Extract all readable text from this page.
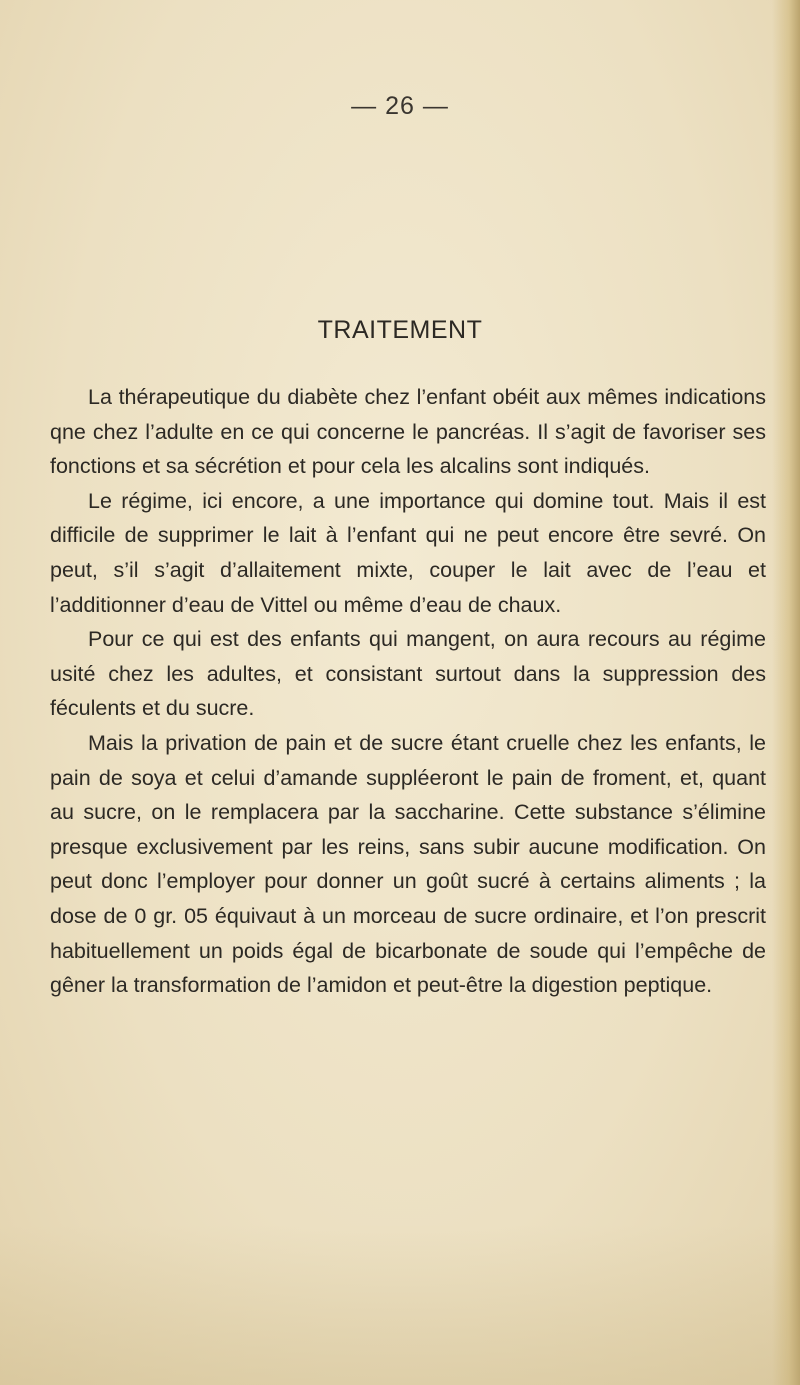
— 26 —
TRAITEMENT

La thérapeutique du diabète chez l’enfant obéit aux mêmes indications qne chez l’adulte en ce qui concerne le pancréas. Il s’agit de favoriser ses fonctions et sa sécrétion et pour cela les alcalins sont indiqués.

Le régime, ici encore, a une importance qui domine tout. Mais il est difficile de supprimer le lait à l’enfant qui ne peut encore être sevré. On peut, s’il s’agit d’allaitement mixte, couper le lait avec de l’eau et l’additionner d’eau de Vittel ou même d’eau de chaux.

Pour ce qui est des enfants qui mangent, on aura recours au régime usité chez les adultes, et consistant surtout dans la suppression des féculents et du sucre.

Mais la privation de pain et de sucre étant cruelle chez les enfants, le pain de soya et celui d’amande suppléeront le pain de froment, et, quant au sucre, on le remplacera par la saccharine. Cette substance s’élimine presque exclusivement par les reins, sans subir aucune modification. On peut donc l’employer pour donner un goût sucré à certains aliments ; la dose de 0 gr. 05 équivaut à un morceau de sucre ordinaire, et l’on prescrit habituellement un poids égal de bicarbonate de soude qui l’empêche de gêner la transformation de l’amidon et peut-être la digestion peptique.
